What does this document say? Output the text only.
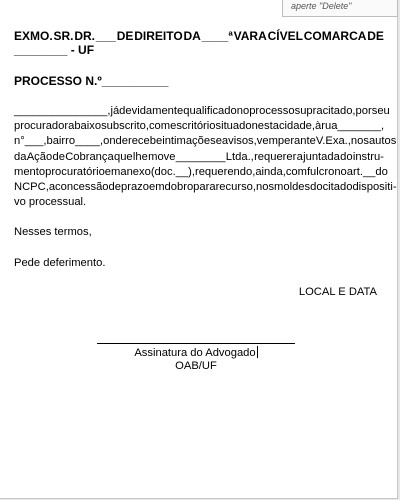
aperte "Delete"
EXMO. SR. DR. ___ DE DIREITO DA ____ª VARA CÍVEL COMARCA DE
________ - UF
PROCESSO N.º__________
_______________, já devidamente qualificado no processo supracitado, por seu
procurador abaixo subscrito, com escritório situado nesta cidade, à rua _______,
n°___, bairro ____, onde recebe intimações e avisos, vem perante V. Exa., nos autos
da Ação de Cobrança que lhe move ________ Ltda., requerer a juntada do instru-
mento procuratório em anexo (doc. __), requerendo, ainda, com fulcro no art. __ do
NCPC, a concessão de prazo em dobro para recurso, nos moldes do citado dispositi-
vo processual.
Nesses termos,
Pede deferimento.
LOCAL E DATA
Assinatura do Advogado
OAB/UF
